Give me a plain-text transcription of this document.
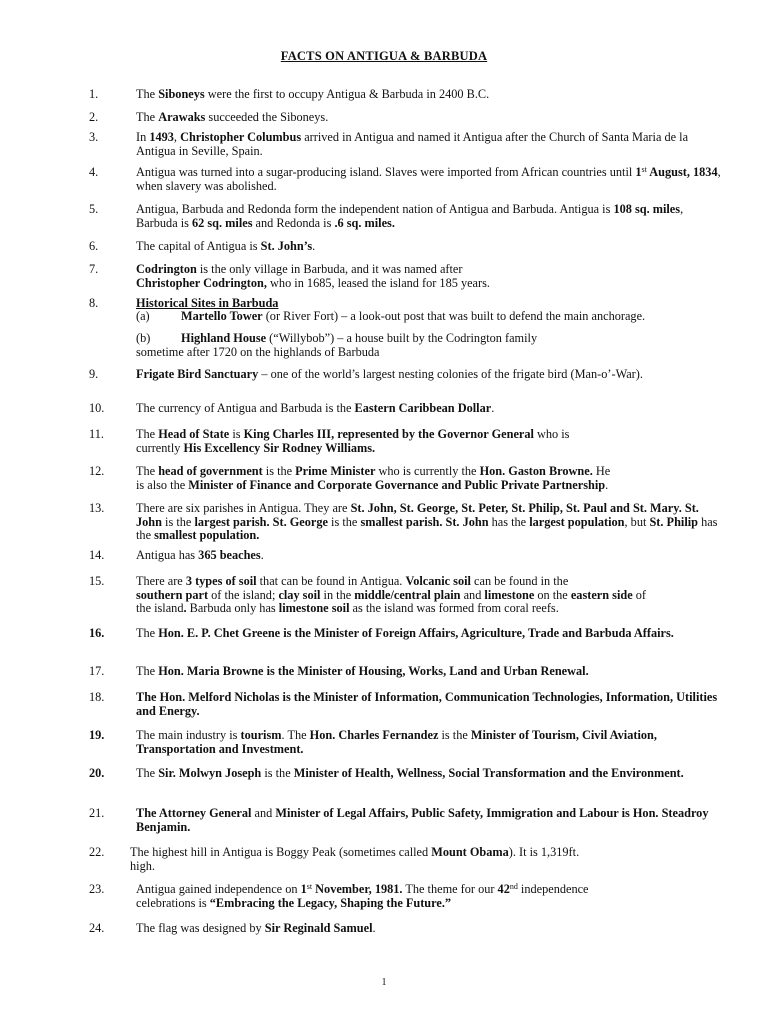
FACTS ON ANTIGUA & BARBUDA
1.	The Siboneys were the first to occupy Antigua & Barbuda in 2400 B.C.
2.	The Arawaks succeeded the Siboneys.
3.	In 1493, Christopher Columbus arrived in Antigua and named it Antigua after the Church of Santa Maria de la Antigua in Seville, Spain.
4.	Antigua was turned into a sugar-producing island. Slaves were imported from African countries until 1st August, 1834, when slavery was abolished.
5.	Antigua, Barbuda and Redonda form the independent nation of Antigua and Barbuda. Antigua is 108 sq. miles, Barbuda is 62 sq. miles and Redonda is .6 sq. miles.
6.	The capital of Antigua is St. John’s.
7.	Codrington is the only village in Barbuda, and it was named after
Christopher Codrington, who in 1685, leased the island for 185 years.
8.	Historical Sites in Barbuda
(a)	Martello Tower (or River Fort) – a look-out post that was built to defend the main anchorage.
(b) Highland House (“Willybob”) – a house built by the Codrington family
sometime after 1720 on the highlands of Barbuda
9.	Frigate Bird Sanctuary – one of the world’s largest nesting colonies of the frigate bird (Man-o’-War).
10.	The currency of Antigua and Barbuda is the Eastern Caribbean Dollar.
11.	The Head of State is King Charles III, represented by the Governor General who is
currently His Excellency Sir Rodney Williams.
12.	The head of government is the Prime Minister who is currently the Hon. Gaston Browne. He
is also the Minister of Finance and Corporate Governance and Public Private Partnership.
13.	There are six parishes in Antigua. They are St. John, St. George, St. Peter, St. Philip, St. Paul and St. Mary. St. John is the largest parish. St. George is the smallest parish. St. John has the largest population, but St. Philip has the smallest population.
14.	Antigua has 365 beaches.
15.	There are 3 types of soil that can be found in Antigua. Volcanic soil can be found in the
southern part of the island; clay soil in the middle/central plain and limestone on the eastern side of
the island. Barbuda only has limestone soil as the island was formed from coral reefs.
16.	The Hon. E. P. Chet Greene is the Minister of Foreign Affairs, Agriculture, Trade and Barbuda Affairs.
17.	The Hon. Maria Browne is the Minister of Housing, Works, Land and Urban Renewal.
18.	The Hon. Melford Nicholas is the Minister of Information, Communication Technologies, Information, Utilities and Energy.
19.	The main industry is tourism. The Hon. Charles Fernandez is the Minister of Tourism, Civil Aviation, Transportation and Investment.
20.	The Sir. Molwyn Joseph is the Minister of Health, Wellness, Social Transformation and the Environment.
21.	The Attorney General and Minister of Legal Affairs, Public Safety, Immigration and Labour is Hon. Steadroy Benjamin.
22. The highest hill in Antigua is Boggy Peak (sometimes called Mount Obama). It is 1,319ft.
high.
23.	Antigua gained independence on 1st November, 1981. The theme for our 42nd independence
celebrations is “Embracing the Legacy, Shaping the Future.”
24.	The flag was designed by Sir Reginald Samuel.
1
